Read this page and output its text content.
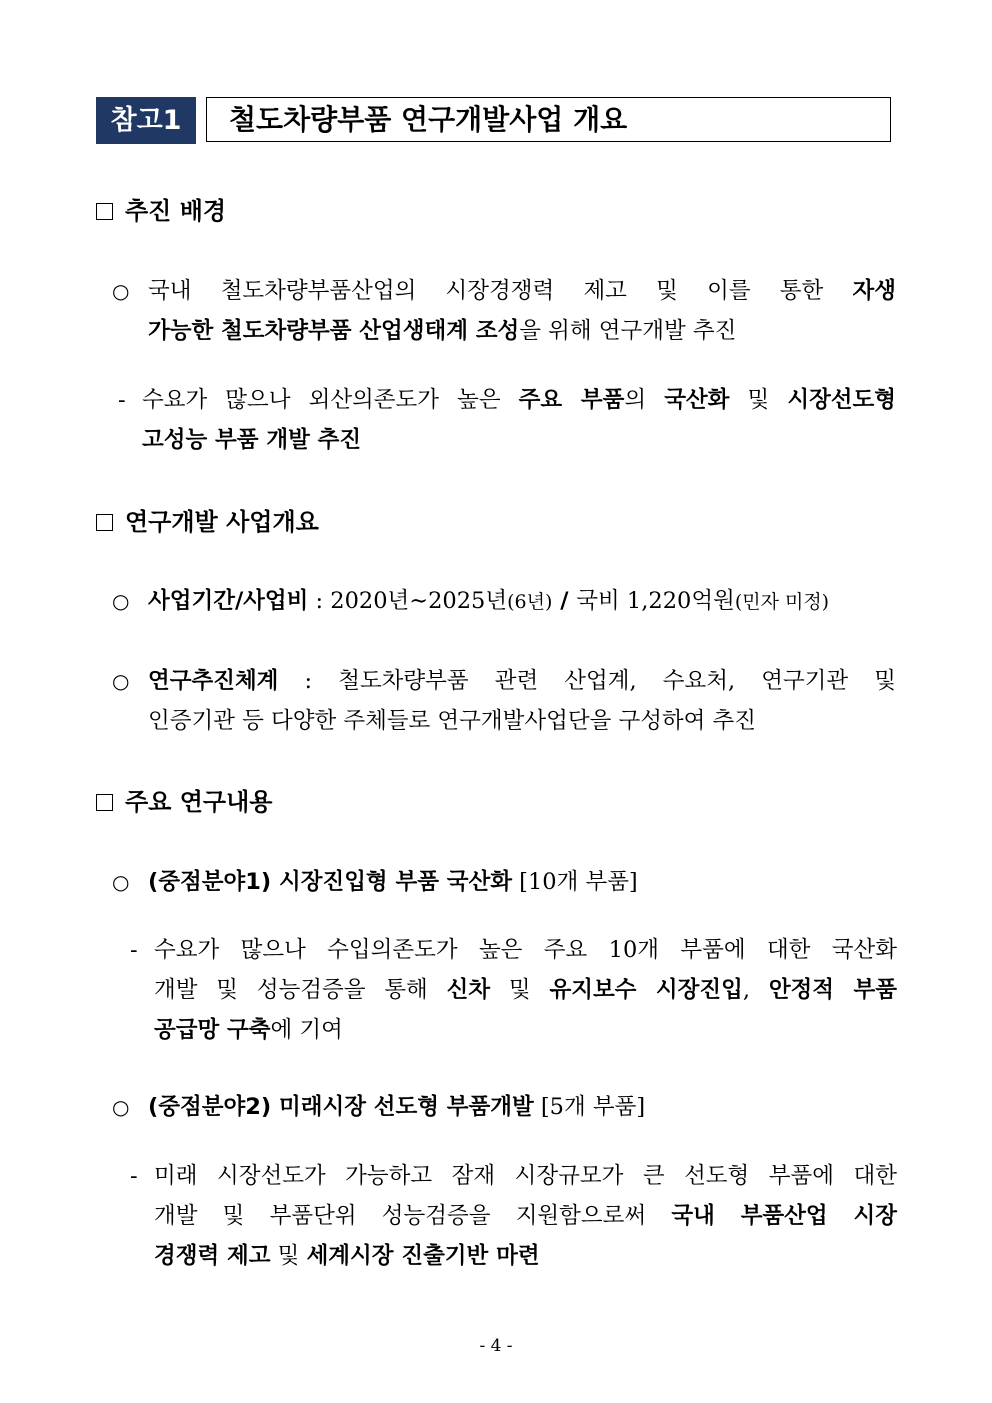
참고1	철도차량부품 연구개발사업 개요
추진 배경
○ 국내 철도차량부품산업의 시장경쟁력 제고 및 이를 통한 자생
가능한 철도차량부품 산업생태계 조성을 위해 연구개발 추진
- 수요가 많으나 외산의존도가 높은 주요 부품의 국산화 및 시장선도형
고성능 부품 개발 추진
연구개발 사업개요
○ 사업기간/사업비 : 2020년∼2025년(6년) / 국비 1,220억원(민자 미정)
○ 연구추진체계 : 철도차량부품 관련 산업계, 수요처, 연구기관 및
인증기관 등 다양한 주체들로 연구개발사업단을 구성하여 추진
주요 연구내용
○ (중점분야1) 시장진입형 부품 국산화 [10개 부품]
- 수요가 많으나 수입의존도가 높은 주요 10개 부품에 대한 국산화
개발 및 성능검증을 통해 신차 및 유지보수 시장진입, 안정적 부품
공급망 구축에 기여
○ (중점분야2) 미래시장 선도형 부품개발 [5개 부품]
- 미래 시장선도가 가능하고 잠재 시장규모가 큰 선도형 부품에 대한
개발 및 부품단위 성능검증을 지원함으로써 국내 부품산업 시장
경쟁력 제고 및 세계시장 진출기반 마련
- 4 -
